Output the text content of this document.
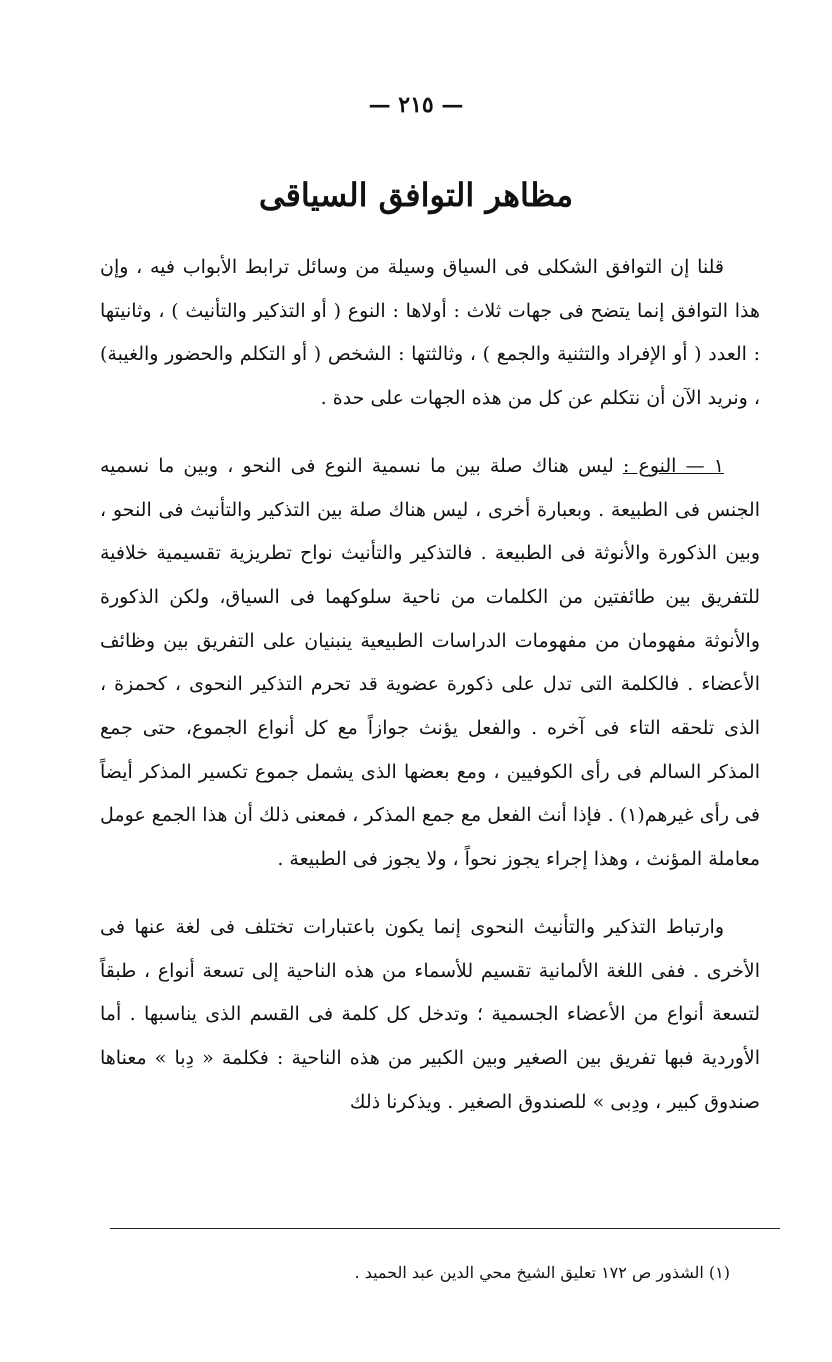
— ٢١٥ —
مظاهر التوافق السياقى

قلنا إن التوافق الشكلى فى السياق وسيلة من وسائل ترابط الأبواب فيه ، وإن هذا التوافق إنما يتضح فى جهات ثلاث : أولاها : النوع ( أو التذكير والتأنيث ) ، وثانيتها : العدد ( أو الإفراد والتثنية والجمع ) ، وثالثتها : الشخص ( أو التكلم والحضور والغيبة) ، ونريد الآن أن نتكلم عن كل من هذه الجهات على حدة .

١ — النوع : ليس هناك صلة بين ما نسمية النوع فى النحو ، وبين ما نسميه الجنس فى الطبيعة . وبعبارة أخرى ، ليس هناك صلة بين التذكير والتأنيث فى النحو ، وبين الذكورة والأنوثة فى الطبيعة . فالتذكير والتأنيث نواح تطريزية تقسيمية خلافية للتفريق بين طائفتين من الكلمات من ناحية سلوكهما فى السياق، ولكن الذكورة والأنوثة مفهومان من مفهومات الدراسات الطبيعية ينبنيان على التفريق بين وظائف الأعضاء . فالكلمة التى تدل على ذكورة عضوية قد تحرم التذكير النحوى ، كحمزة ، الذى تلحقه التاء فى آخره . والفعل يؤنث جوازاً مع كل أنواع الجموع، حتى جمع المذكر السالم فى رأى الكوفيين ، ومع بعضها الذى يشمل جموع تكسير المذكر أيضاً فى رأى غيرهم(١) . فإذا أنث الفعل مع جمع المذكر ، فمعنى ذلك أن هذا الجمع عومل معاملة المؤنث ، وهذا إجراء يجوز نحواً ، ولا يجوز فى الطبيعة .

وارتباط التذكير والتأنيث النحوى إنما يكون باعتبارات تختلف فى لغة عنها فى الأخرى . ففى اللغة الألمانية تقسيم للأسماء من هذه الناحية إلى تسعة أنواع ، طبقاً لتسعة أنواع من الأعضاء الجسمية ؛ وتدخل كل كلمة فى القسم الذى يناسبها . أما الأوردية فبها تفريق بين الصغير وبين الكبير من هذه الناحية : فكلمة « دِبا » معناها صندوق كبير ، ودِبى » للصندوق الصغير . ويذكرنا ذلك

(١) الشذور ص ١٧٢ تعليق الشيخ محي الدين عبد الحميد .
